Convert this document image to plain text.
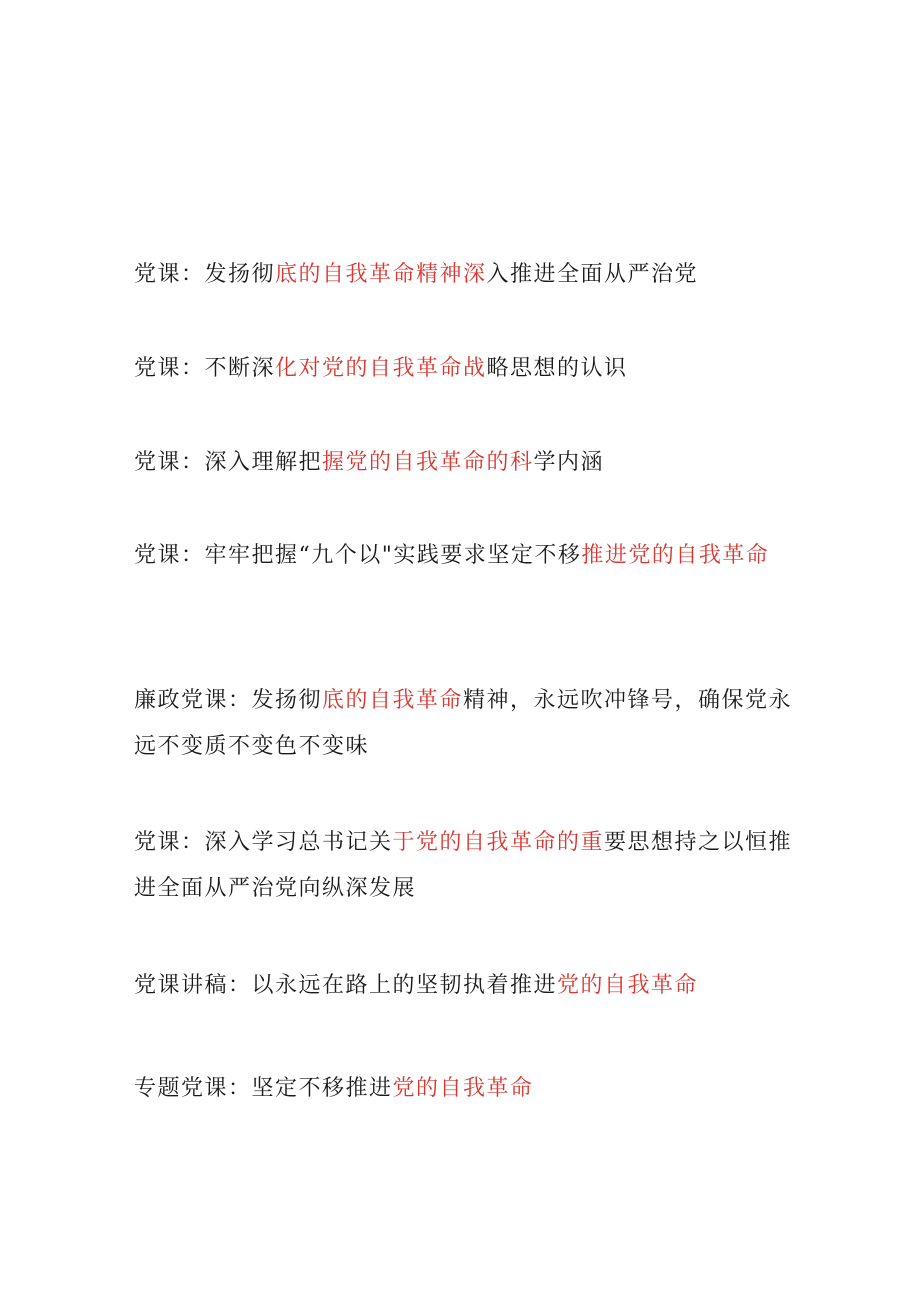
党课：发扬彻底的自我革命精神深入推进全面从严治党

党课：不断深化对党的自我革命战略思想的认识

党课：深入理解把握党的自我革命的科学内涵

党课：牢牢把握“九个以"实践要求坚定不移推进党的自我革命

廉政党课：发扬彻底的自我革命精神，永远吹冲锋号，确保党永远不变质不变色不变味

党课：深入学习总书记关于党的自我革命的重要思想持之以恒推进全面从严治党向纵深发展

党课讲稿：以永远在路上的坚韧执着推进党的自我革命

专题党课：坚定不移推进党的自我革命
